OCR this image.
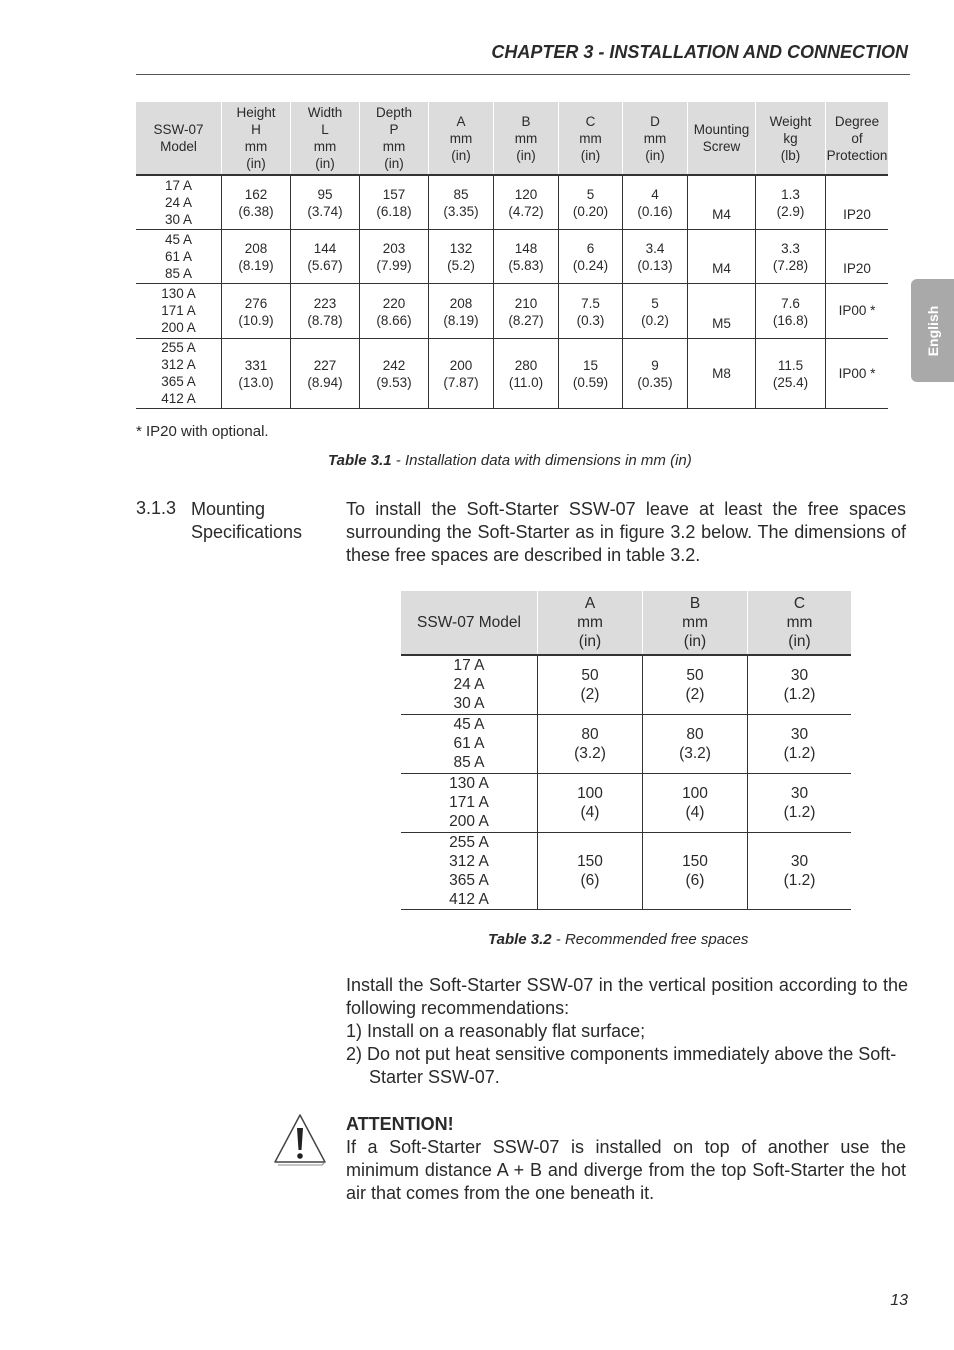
CHAPTER 3 - INSTALLATION AND CONNECTION
English
SSW-07
Model	Height
H
mm
(in)	Width
L
mm
(in)	Depth
P
mm
(in)	A
mm
(in)	B
mm
(in)	C
mm
(in)	D
mm
(in)	Mounting
Screw	Weight
kg
(lb)	Degree
of
Protection
17 A
24 A
30 A	162
(6.38)	95
(3.74)	157
(6.18)	85
(3.35)	120
(4.72)	5
(0.20)	4
(0.16)	M4	1.3
(2.9)	IP20
45 A
61 A
85 A	208
(8.19)	144
(5.67)	203
(7.99)	132
(5.2)	148
(5.83)	6
(0.24)	3.4
(0.13)	M4	3.3
(7.28)	IP20
130 A
171 A
200 A	276
(10.9)	223
(8.78)	220
(8.66)	208
(8.19)	210
(8.27)	7.5
(0.3)	5
(0.2)	M5	7.6
(16.8)	IP00 *
255 A
312 A
365 A
412 A	331
(13.0)	227
(8.94)	242
(9.53)	200
(7.87)	280
(11.0)	15
(0.59)	9
(0.35)	M8	11.5
(25.4)	IP00 *
* IP20 with optional.
Table 3.1 - Installation data with dimensions in mm (in)
3.1.3 Mounting
Specifications
To install the Soft-Starter SSW-07 leave at least the free spaces surrounding the Soft-Starter as in figure 3.2 below. The dimensions of these free spaces are described in table 3.2.
SSW-07 Model	A
mm
(in)	B
mm
(in)	C
mm
(in)
17 A
24 A
30 A	50
(2)	50
(2)	30
(1.2)
45 A
61 A
85 A	80
(3.2)	80
(3.2)	30
(1.2)
130 A
171 A
200 A	100
(4)	100
(4)	30
(1.2)
255 A
312 A
365 A
412 A	150
(6)	150
(6)	30
(1.2)
Table 3.2 - Recommended free spaces
Install the Soft-Starter SSW-07 in the vertical position according to the following recommendations:
1) Install on a reasonably flat surface;
2) Do not put heat sensitive components immediately above the Soft-Starter SSW-07.
ATTENTION!
If a Soft-Starter SSW-07 is installed on top of another use the minimum distance A + B and diverge from the top Soft-Starter the hot air that comes from the one beneath it.
13
